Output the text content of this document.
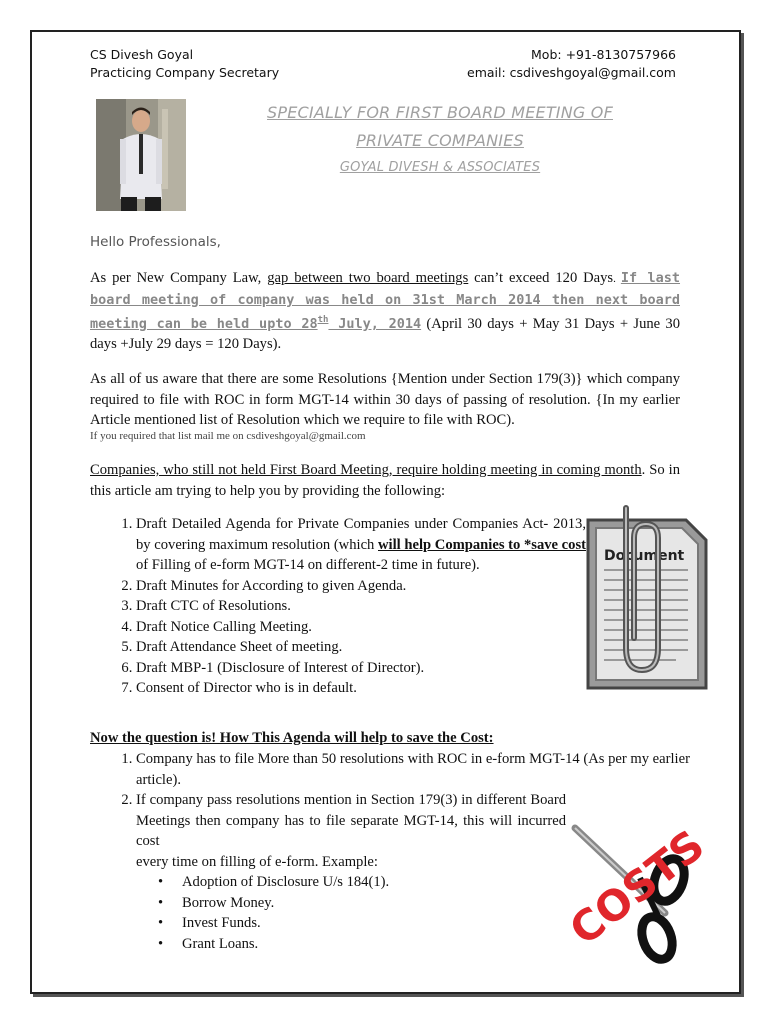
CS Divesh Goyal
Practicing Company Secretary
Mob: +91-8130757966
email: csdiveshgoyal@gmail.com
SPECIALLY FOR FIRST BOARD MEETING OF
PRIVATE COMPANIES
GOYAL DIVESH & ASSOCIATES
Hello Professionals,
As per New Company Law, gap between two board meetings can’t exceed 120 Days. If last board meeting of company was held on 31st March 2014 then next board meeting can be held upto 28th July, 2014 (April 30 days + May 31 Days + June 30 days +July 29 days = 120 Days).
As all of us aware that there are some Resolutions {Mention under Section 179(3)} which company required to file with ROC in form MGT-14 within 30 days of passing of resolution. {In my earlier Article mentioned list of Resolution which we require to file with ROC).
If you required that list mail me on csdiveshgoyal@gmail.com
Companies, who still not held First Board Meeting, require holding meeting in coming month. So in this article am trying to help you by providing the following:
1. Draft Detailed Agenda for Private Companies under Companies Act- 2013, by covering maximum resolution (which will help Companies to *save cost of Filling of e-form MGT-14 on different-2 time in future).
2. Draft Minutes for According to given Agenda.
3. Draft CTC of Resolutions.
4. Draft Notice Calling Meeting.
5. Draft Attendance Sheet of meeting.
6. Draft MBP-1 (Disclosure of Interest of Director).
7. Consent of Director who is in default.
Document
Now the question is! How This Agenda will help to save the Cost:
1. Company has to file More than 50 resolutions with ROC in e-form MGT-14 (As per my earlier article).
2. If company pass resolutions mention in Section 179(3) in different Board Meetings then company has to file separate MGT-14, this will incurred cost
every time on filling of e-form. Example:
• Adoption of Disclosure U/s 184(1).
• Borrow Money.
• Invest Funds.
• Grant Loans.	COSTS
